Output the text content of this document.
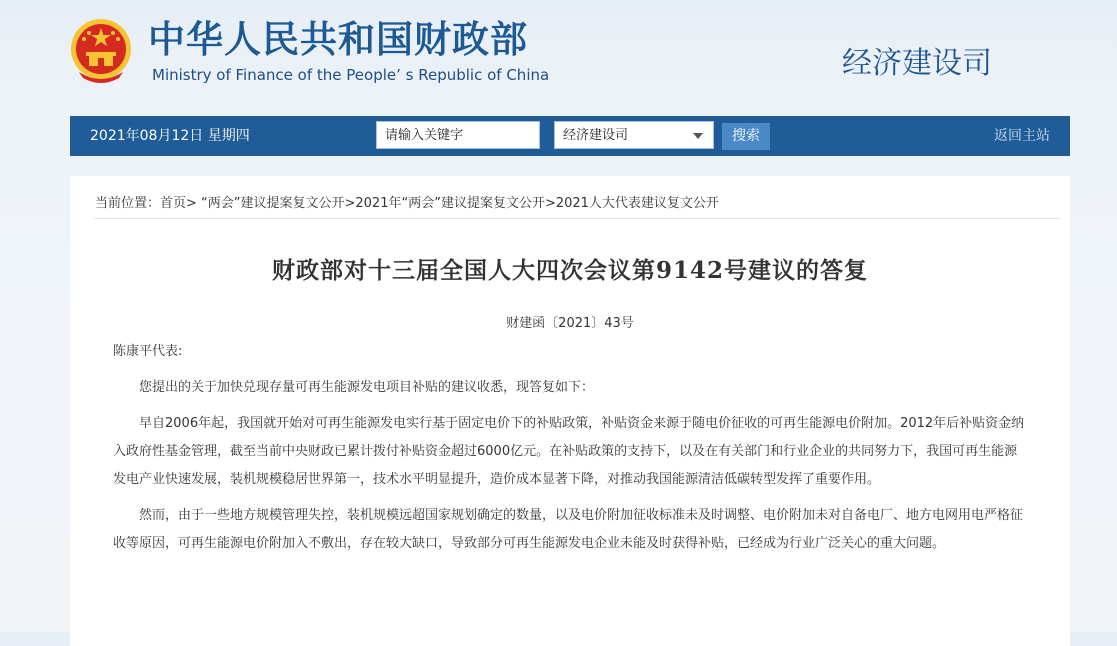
中华人民共和国财政部
Ministry of Finance of the People’ s Republic of China	经济建设司
2021年08月12日 星期四	请输入关键字	经济建设司	搜索	返回主站
当前位置：首页> “两会”建议提案复文公开>2021年“两会”建议提案复文公开>2021人大代表建议复文公开
财政部对十三届全国人大四次会议第9142号建议的答复
财建函〔2021〕43号

陈康平代表:

您提出的关于加快兑现存量可再生能源发电项目补贴的建议收悉，现答复如下：

早自2006年起，我国就开始对可再生能源发电实行基于固定电价下的补贴政策，补贴资金来源于随电价征收的可再生能源电价附加。2012年后补贴资金纳入政府性基金管理，截至当前中央财政已累计拨付补贴资金超过6000亿元。在补贴政策的支持下，以及在有关部门和行业企业的共同努力下，我国可再生能源发电产业快速发展，装机规模稳居世界第一，技术水平明显提升，造价成本显著下降，对推动我国能源清洁低碳转型发挥了重要作用。

然而，由于一些地方规模管理失控，装机规模远超国家规划确定的数量，以及电价附加征收标准未及时调整、电价附加未对自备电厂、地方电网用电严格征收等原因，可再生能源电价附加入不敷出，存在较大缺口，导致部分可再生能源发电企业未能及时获得补贴，已经成为行业广泛关心的重大问题。
